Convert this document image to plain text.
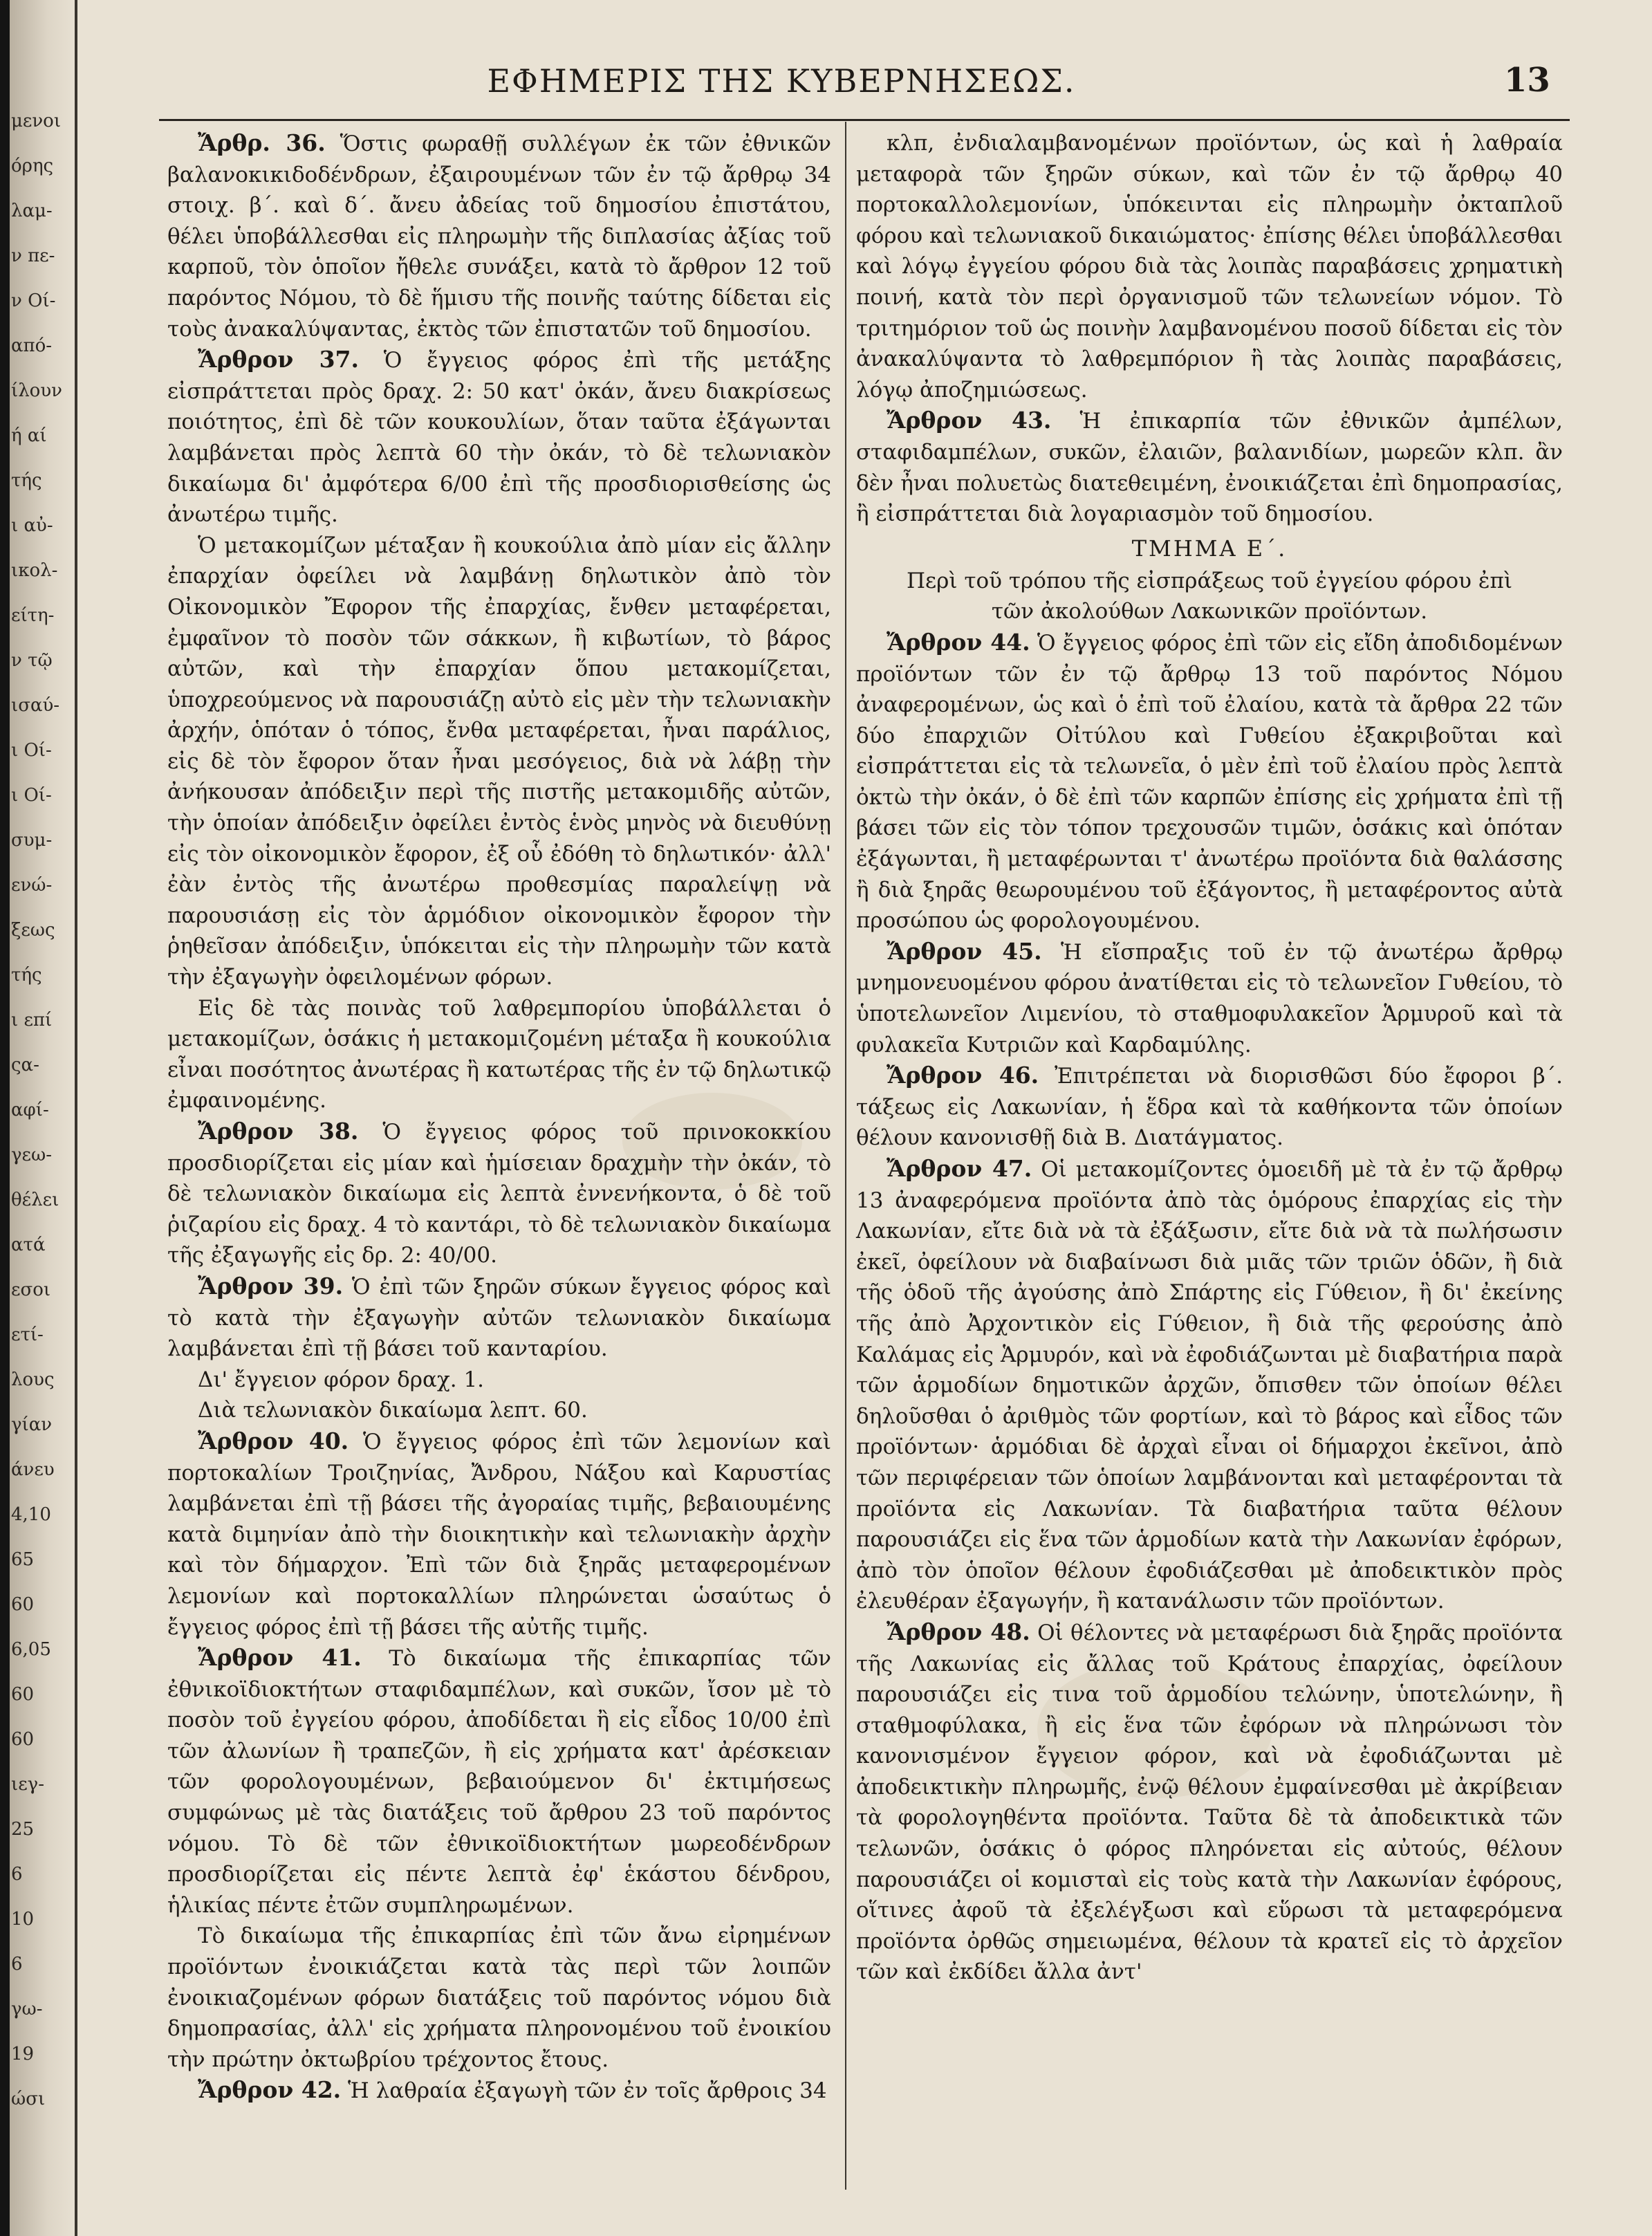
μενοι
όρης
λαμ-
ν πε-
ν Οί-
από-
ίλουν
ή αί
τής
ι αὐ-
ικολ-
είτη-
ν τῷ
ισαύ-
ι Οί-
ι Οί-
συμ-
ενώ-
ξεως
τής
ι επί
ςα-
αφί-
γεω-
θέλει
ατά
εσοι
ετί-
λους
γίαν
άνευ
4,10
65
60
6,05
60
60
ιεγ-
25
6
10
6
γω-
19
ώσι
ΕΦΗΜΕΡΙΣ ΤΗΣ ΚΥΒΕΡΝΗΣΕΩΣ.	13

Ἄρθρ. 36. Ὅστις φωραθῇ συλλέγων ἐκ τῶν ἐθνικῶν βαλανοκικιδοδένδρων, ἐξαιρουμένων τῶν ἐν τῷ ἄρθρῳ 34 στοιχ. β΄. καὶ δ΄. ἄνευ ἀδείας τοῦ δημοσίου ἐπιστάτου, θέλει ὑποβάλλεσθαι εἰς πληρωμὴν τῆς διπλασίας ἀξίας τοῦ καρποῦ, τὸν ὁποῖον ἤθελε συνάξει, κατὰ τὸ ἄρθρον 12 τοῦ παρόντος Νόμου, τὸ δὲ ἥμισυ τῆς ποινῆς ταύτης δίδεται εἰς τοὺς ἀνακαλύψαντας, ἐκτὸς τῶν ἐπιστατῶν τοῦ δημοσίου.

Ἄρθρον 37. Ὁ ἔγγειος φόρος ἐπὶ τῆς μετάξης εἰσπράττεται πρὸς δραχ. 2: 50 κατ' ὀκάν, ἄνευ διακρίσεως ποιότητος, ἐπὶ δὲ τῶν κουκουλίων, ὅταν ταῦτα ἐξάγωνται λαμβάνεται πρὸς λεπτὰ 60 τὴν ὀκάν, τὸ δὲ τελωνιακὸν δικαίωμα δι' ἀμφότερα 6/00 ἐπὶ τῆς προσδιορισθείσης ὡς ἀνωτέρω τιμῆς.

Ὁ μετακομίζων μέταξαν ἢ κουκούλια ἀπὸ μίαν εἰς ἄλλην ἐπαρχίαν ὀφείλει νὰ λαμβάνῃ δηλωτικὸν ἀπὸ τὸν Οἰκονομικὸν Ἔφορον τῆς ἐπαρχίας, ἔνθεν μεταφέρεται, ἐμφαῖνον τὸ ποσὸν τῶν σάκκων, ἢ κιβωτίων, τὸ βάρος αὐτῶν, καὶ τὴν ἐπαρχίαν ὅπου μετακομίζεται, ὑποχρεούμενος νὰ παρουσιάζῃ αὐτὸ εἰς μὲν τὴν τελωνιακὴν ἀρχήν, ὁπόταν ὁ τόπος, ἔνθα μεταφέρεται, ἦναι παράλιος, εἰς δὲ τὸν ἔφορον ὅταν ἦναι μεσόγειος, διὰ νὰ λάβῃ τὴν ἀνήκουσαν ἀπόδειξιν περὶ τῆς πιστῆς μετακομιδῆς αὐτῶν, τὴν ὁποίαν ἀπόδειξιν ὀφείλει ἐντὸς ἑνὸς μηνὸς νὰ διευθύνῃ εἰς τὸν οἰκονομικὸν ἔφορον, ἐξ οὗ ἐδόθη τὸ δηλωτικόν· ἀλλ' ἐὰν ἐντὸς τῆς ἀνωτέρω προθεσμίας παραλείψῃ νὰ παρουσιάσῃ εἰς τὸν ἁρμόδιον οἰκονομικὸν ἔφορον τὴν ῥηθεῖσαν ἀπόδειξιν, ὑπόκειται εἰς τὴν πληρωμὴν τῶν κατὰ τὴν ἐξαγωγὴν ὀφειλομένων φόρων.

Εἰς δὲ τὰς ποινὰς τοῦ λαθρεμπορίου ὑποβάλλεται ὁ μετακομίζων, ὁσάκις ἡ μετακομιζομένη μέταξα ἢ κουκούλια εἶναι ποσότητος ἀνωτέρας ἢ κατωτέρας τῆς ἐν τῷ δηλωτικῷ ἐμφαινομένης.

Ἄρθρον 38. Ὁ ἔγγειος φόρος τοῦ πρινοκοκκίου προσδιορίζεται εἰς μίαν καὶ ἡμίσειαν δραχμὴν τὴν ὀκάν, τὸ δὲ τελωνιακὸν δικαίωμα εἰς λεπτὰ ἐννενήκοντα, ὁ δὲ τοῦ ῥιζαρίου εἰς δραχ. 4 τὸ καντάρι, τὸ δὲ τελωνιακὸν δικαίωμα τῆς ἐξαγωγῆς εἰς δρ. 2: 40/00.

Ἄρθρον 39. Ὁ ἐπὶ τῶν ξηρῶν σύκων ἔγγειος φόρος καὶ τὸ κατὰ τὴν ἐξαγωγὴν αὐτῶν τελωνιακὸν δικαίωμα λαμβάνεται ἐπὶ τῇ βάσει τοῦ κανταρίου.

Δι' ἔγγειον φόρον δραχ. 1.

Διὰ τελωνιακὸν δικαίωμα λεπτ. 60.

Ἄρθρον 40. Ὁ ἔγγειος φόρος ἐπὶ τῶν λεμονίων καὶ πορτοκαλίων Τροιζηνίας, Ἄνδρου, Νάξου καὶ Καρυστίας λαμβάνεται ἐπὶ τῇ βάσει τῆς ἀγοραίας τιμῆς, βεβαιουμένης κατὰ διμηνίαν ἀπὸ τὴν διοικητικὴν καὶ τελωνιακὴν ἀρχὴν καὶ τὸν δήμαρχον. Ἐπὶ τῶν διὰ ξηρᾶς μεταφερομένων λεμονίων καὶ πορτοκαλλίων πληρώνεται ὡσαύτως ὁ ἔγγειος φόρος ἐπὶ τῇ βάσει τῆς αὐτῆς τιμῆς.

Ἄρθρον 41. Τὸ δικαίωμα τῆς ἐπικαρπίας τῶν ἐθνικοϊδιοκτήτων σταφιδαμπέλων, καὶ συκῶν, ἴσον μὲ τὸ ποσὸν τοῦ ἐγγείου φόρου, ἀποδίδεται ἢ εἰς εἶδος 10/00 ἐπὶ τῶν ἀλωνίων ἢ τραπεζῶν, ἢ εἰς χρήματα κατ' ἀρέσκειαν τῶν φορολογουμένων, βεβαιούμενον δι' ἐκτιμήσεως συμφώνως μὲ τὰς διατάξεις τοῦ ἄρθρου 23 τοῦ παρόντος νόμου. Τὸ δὲ τῶν ἐθνικοϊδιοκτήτων μωρεοδένδρων προσδιορίζεται εἰς πέντε λεπτὰ ἐφ' ἑκάστου δένδρου, ἡλικίας πέντε ἐτῶν συμπληρωμένων.

Τὸ δικαίωμα τῆς ἐπικαρπίας ἐπὶ τῶν ἄνω εἰρημένων προϊόντων ἐνοικιάζεται κατὰ τὰς περὶ τῶν λοιπῶν ἐνοικιαζομένων φόρων διατάξεις τοῦ παρόντος νόμου διὰ δημοπρασίας, ἀλλ' εἰς χρήματα πληρονομένου τοῦ ἐνοικίου τὴν πρώτην ὀκτωβρίου τρέχοντος ἔτους.

Ἄρθρον 42. Ἡ λαθραία ἐξαγωγὴ τῶν ἐν τοῖς ἄρθροις 34

κλπ, ἐνδιαλαμβανομένων προϊόντων, ὡς καὶ ἡ λαθραία μεταφορὰ τῶν ξηρῶν σύκων, καὶ τῶν ἐν τῷ ἄρθρῳ 40 πορτοκαλλολεμονίων, ὑπόκεινται εἰς πληρωμὴν ὀκταπλοῦ φόρου καὶ τελωνιακοῦ δικαιώματος· ἐπίσης θέλει ὑποβάλλεσθαι καὶ λόγῳ ἐγγείου φόρου διὰ τὰς λοιπὰς παραβάσεις χρηματικὴ ποινή, κατὰ τὸν περὶ ὀργανισμοῦ τῶν τελωνείων νόμον. Τὸ τριτημόριον τοῦ ὡς ποινὴν λαμβανομένου ποσοῦ δίδεται εἰς τὸν ἀνακαλύψαντα τὸ λαθρεμπόριον ἢ τὰς λοιπὰς παραβάσεις, λόγῳ ἀποζημιώσεως.

Ἄρθρον 43. Ἡ ἐπικαρπία τῶν ἐθνικῶν ἀμπέλων, σταφιδαμπέλων, συκῶν, ἐλαιῶν, βαλανιδίων, μωρεῶν κλπ. ἂν δὲν ἦναι πολυετὼς διατεθειμένη, ἐνοικιάζεται ἐπὶ δημοπρασίας, ἢ εἰσπράττεται διὰ λογαριασμὸν τοῦ δημοσίου.

ΤΜΗΜΑ Ε΄.

Περὶ τοῦ τρόπου τῆς εἰσπράξεως τοῦ ἐγγείου φόρου ἐπὶ

τῶν ἀκολούθων Λακωνικῶν προϊόντων.

Ἄρθρον 44. Ὁ ἔγγειος φόρος ἐπὶ τῶν εἰς εἴδη ἀποδιδομένων προϊόντων τῶν ἐν τῷ ἄρθρῳ 13 τοῦ παρόντος Νόμου ἀναφερομένων, ὡς καὶ ὁ ἐπὶ τοῦ ἐλαίου, κατὰ τὰ ἄρθρα 22 τῶν δύο ἐπαρχιῶν Οἰτύλου καὶ Γυθείου ἐξακριβοῦται καὶ εἰσπράττεται εἰς τὰ τελωνεῖα, ὁ μὲν ἐπὶ τοῦ ἐλαίου πρὸς λεπτὰ ὀκτὼ τὴν ὀκάν, ὁ δὲ ἐπὶ τῶν καρπῶν ἐπίσης εἰς χρήματα ἐπὶ τῇ βάσει τῶν εἰς τὸν τόπον τρεχουσῶν τιμῶν, ὁσάκις καὶ ὁπόταν ἐξάγωνται, ἢ μεταφέρωνται τ' ἀνωτέρω προϊόντα διὰ θαλάσσης ἢ διὰ ξηρᾶς θεωρουμένου τοῦ ἐξάγοντος, ἢ μεταφέροντος αὐτὰ προσώπου ὡς φορολογουμένου.

Ἄρθρον 45. Ἡ εἴσπραξις τοῦ ἐν τῷ ἀνωτέρω ἄρθρῳ μνημονευομένου φόρου ἀνατίθεται εἰς τὸ τελωνεῖον Γυθείου, τὸ ὑποτελωνεῖον Λιμενίου, τὸ σταθμοφυλακεῖον Ἁρμυροῦ καὶ τὰ φυλακεῖα Κυτριῶν καὶ Καρδαμύλης.

Ἄρθρον 46. Ἐπιτρέπεται νὰ διορισθῶσι δύο ἔφοροι β΄. τάξεως εἰς Λακωνίαν, ἡ ἕδρα καὶ τὰ καθήκοντα τῶν ὁποίων θέλουν κανονισθῇ διὰ Β. Διατάγματος.

Ἄρθρον 47. Οἱ μετακομίζοντες ὁμοειδῆ μὲ τὰ ἐν τῷ ἄρθρῳ 13 ἀναφερόμενα προϊόντα ἀπὸ τὰς ὁμόρους ἐπαρχίας εἰς τὴν Λακωνίαν, εἴτε διὰ νὰ τὰ ἐξάξωσιν, εἴτε διὰ νὰ τὰ πωλήσωσιν ἐκεῖ, ὀφείλουν νὰ διαβαίνωσι διὰ μιᾶς τῶν τριῶν ὁδῶν, ἢ διὰ τῆς ὁδοῦ τῆς ἀγούσης ἀπὸ Σπάρτης εἰς Γύθειον, ἢ δι' ἐκείνης τῆς ἀπὸ Ἀρχοντικὸν εἰς Γύθειον, ἢ διὰ τῆς φερούσης ἀπὸ Καλάμας εἰς Ἁρμυρόν, καὶ νὰ ἐφοδιάζωνται μὲ διαβατήρια παρὰ τῶν ἁρμοδίων δημοτικῶν ἀρχῶν, ὄπισθεν τῶν ὁποίων θέλει δηλοῦσθαι ὁ ἀριθμὸς τῶν φορτίων, καὶ τὸ βάρος καὶ εἶδος τῶν προϊόντων· ἁρμόδιαι δὲ ἀρχαὶ εἶναι οἱ δήμαρχοι ἐκεῖνοι, ἀπὸ τῶν περιφέρειαν τῶν ὁποίων λαμβάνονται καὶ μεταφέρονται τὰ προϊόντα εἰς Λακωνίαν. Τὰ διαβατήρια ταῦτα θέλουν παρουσιάζει εἰς ἕνα τῶν ἁρμοδίων κατὰ τὴν Λακωνίαν ἐφόρων, ἀπὸ τὸν ὁποῖον θέλουν ἐφοδιάζεσθαι μὲ ἀποδεικτικὸν πρὸς ἐλευθέραν ἐξαγωγήν, ἢ κατανάλωσιν τῶν προϊόντων.

Ἄρθρον 48. Οἱ θέλοντες νὰ μεταφέρωσι διὰ ξηρᾶς προϊόντα τῆς Λακωνίας εἰς ἄλλας τοῦ Κράτους ἐπαρχίας, ὀφείλουν παρουσιάζει εἰς τινα τοῦ ἁρμοδίου τελώνην, ὑποτελώνην, ἢ σταθμοφύλακα, ἢ εἰς ἕνα τῶν ἐφόρων νὰ πληρώνωσι τὸν κανονισμένον ἔγγειον φόρον, καὶ νὰ ἐφοδιάζωνται μὲ ἀποδεικτικὴν πληρωμῆς, ἐνῷ θέλουν ἐμφαίνεσθαι μὲ ἀκρίβειαν τὰ φορολογηθέντα προϊόντα. Ταῦτα δὲ τὰ ἀποδεικτικὰ τῶν τελωνῶν, ὁσάκις ὁ φόρος πληρόνεται εἰς αὐτούς, θέλουν παρουσιάζει οἱ κομισταὶ εἰς τοὺς κατὰ τὴν Λακωνίαν ἐφόρους, οἵτινες ἀφοῦ τὰ ἐξελέγξωσι καὶ εὕρωσι τὰ μεταφερόμενα προϊόντα ὀρθῶς σημειωμένα, θέλουν τὰ κρατεῖ εἰς τὸ ἀρχεῖον τῶν καὶ ἐκδίδει ἄλλα ἀντ'
